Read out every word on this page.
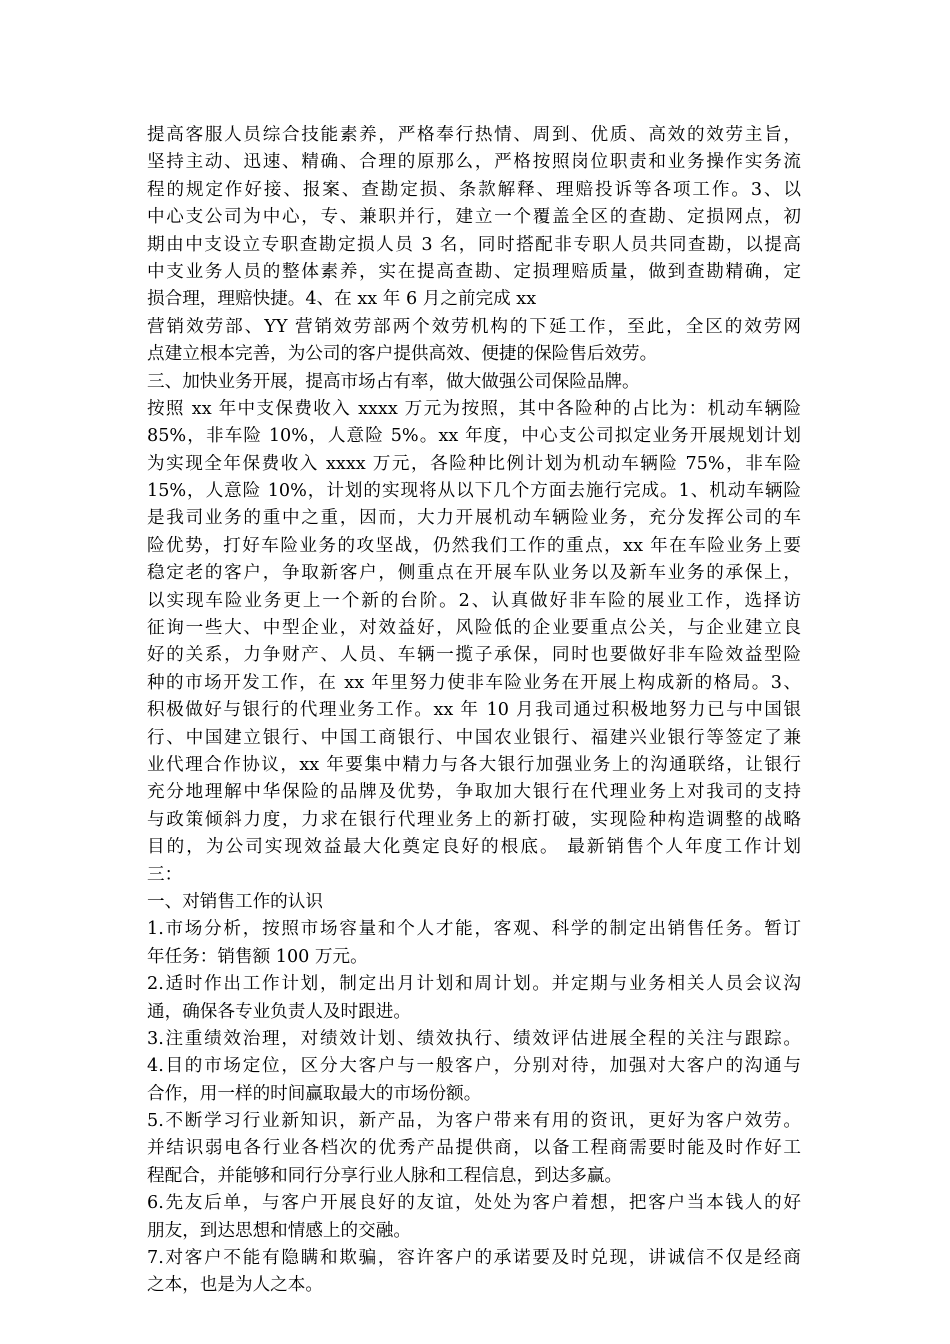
提高客服人员综合技能素养，严格奉行热情、周到、优质、高效的效劳主旨，
坚持主动、迅速、精确、合理的原那么，严格按照岗位职责和业务操作实务流
程的规定作好接、报案、查勘定损、条款解释、理赔投诉等各项工作。3、以
中心支公司为中心，专、兼职并行，建立一个覆盖全区的查勘、定损网点，初
期由中支设立专职查勘定损人员 3 名，同时搭配非专职人员共同查勘，以提高
中支业务人员的整体素养，实在提高查勘、定损理赔质量，做到查勘精确，定
损合理，理赔快捷。4、在 xx 年 6 月之前完成 xx
营销效劳部、YY 营销效劳部两个效劳机构的下延工作，至此，全区的效劳网
点建立根本完善，为公司的客户提供高效、便捷的保险售后效劳。
三、加快业务开展，提高市场占有率，做大做强公司保险品牌。
按照 xx 年中支保费收入 xxxx 万元为按照，其中各险种的占比为：机动车辆险
85%，非车险 10%，人意险 5%。xx 年度，中心支公司拟定业务开展规划计划
为实现全年保费收入 xxxx 万元，各险种比例计划为机动车辆险 75%，非车险
15%，人意险 10%，计划的实现将从以下几个方面去施行完成。1、机动车辆险
是我司业务的重中之重，因而，大力开展机动车辆险业务，充分发挥公司的车
险优势，打好车险业务的攻坚战，仍然我们工作的重点，xx 年在车险业务上要
稳定老的客户，争取新客户，侧重点在开展车队业务以及新车业务的承保上，
以实现车险业务更上一个新的台阶。2、认真做好非车险的展业工作，选择访
征询一些大、中型企业，对效益好，风险低的企业要重点公关，与企业建立良
好的关系，力争财产、人员、车辆一揽子承保，同时也要做好非车险效益型险
种的市场开发工作，在 xx 年里努力使非车险业务在开展上构成新的格局。3、
积极做好与银行的代理业务工作。xx 年 10 月我司通过积极地努力已与中国银
行、中国建立银行、中国工商银行、中国农业银行、福建兴业银行等签定了兼
业代理合作协议，xx 年要集中精力与各大银行加强业务上的沟通联络，让银行
充分地理解中华保险的品牌及优势，争取加大银行在代理业务上对我司的支持
与政策倾斜力度，力求在银行代理业务上的新打破，实现险种构造调整的战略
目的，为公司实现效益最大化奠定良好的根底。 最新销售个人年度工作计划
三：
一、对销售工作的认识
1.市场分析，按照市场容量和个人才能，客观、科学的制定出销售任务。暂订
年任务：销售额 100 万元。
2.适时作出工作计划，制定出月计划和周计划。并定期与业务相关人员会议沟
通，确保各专业负责人及时跟进。
3.注重绩效治理，对绩效计划、绩效执行、绩效评估进展全程的关注与跟踪。
4.目的市场定位，区分大客户与一般客户，分别对待，加强对大客户的沟通与
合作，用一样的时间赢取最大的市场份额。
5.不断学习行业新知识，新产品，为客户带来有用的资讯，更好为客户效劳。
并结识弱电各行业各档次的优秀产品提供商，以备工程商需要时能及时作好工
程配合，并能够和同行分享行业人脉和工程信息，到达多赢。
6.先友后单，与客户开展良好的友谊，处处为客户着想，把客户当本钱人的好
朋友，到达思想和情感上的交融。
7.对客户不能有隐瞒和欺骗，容许客户的承诺要及时兑现，讲诚信不仅是经商
之本，也是为人之本。
